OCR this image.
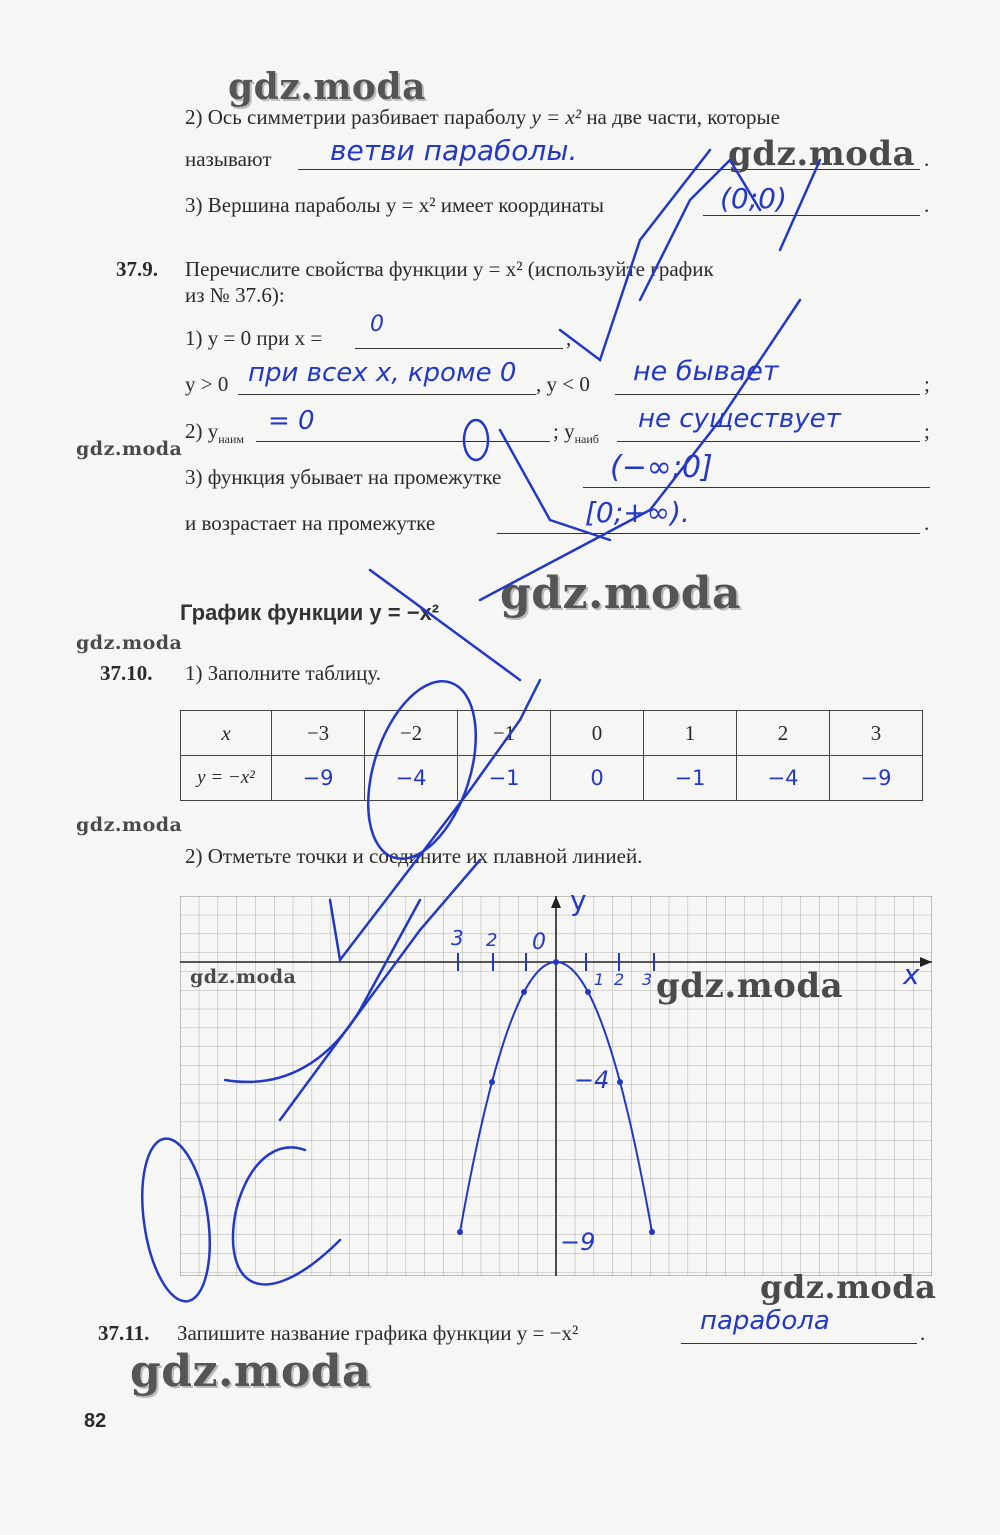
gdz.moda
2) Ось симметрии разбивает параболу y = x² на две части, которые
называют ветви параболы.	.
gdz.moda
3) Вершина параболы y = x² имеет координаты	(0;0)	.
37.9. Перечислите свойства функции y = x² (используйте график
из № 37.6):
1) y = 0 при x =
0
,
y > 0 при всех x, кроме 0 , y < 0 не бывает	;
gdz.moda
2) $y_{наим}$
= 0	; $y_{наиб}$
не существует	;
3) функция убывает на промежутке	(−∞;0]
и возрастает на промежутке	[0;+∞).	.
gdz.moda
График функции y = −x²
gdz.moda
37.10. 1) Заполните таблицу.
x	−3	−2	−1	0	1	2	3
y = −x²	−9	−4	−1	0	−1	−4	−9
gdz.moda
2) Отметьте точки и соедините их плавной линией.
y
x
3 2 0
1 2 3
−4
−9
gdz.moda	gdz.moda
gdz.moda
37.11. Запишите название графика функции y = −x²	парабола	.
gdz.moda
82
